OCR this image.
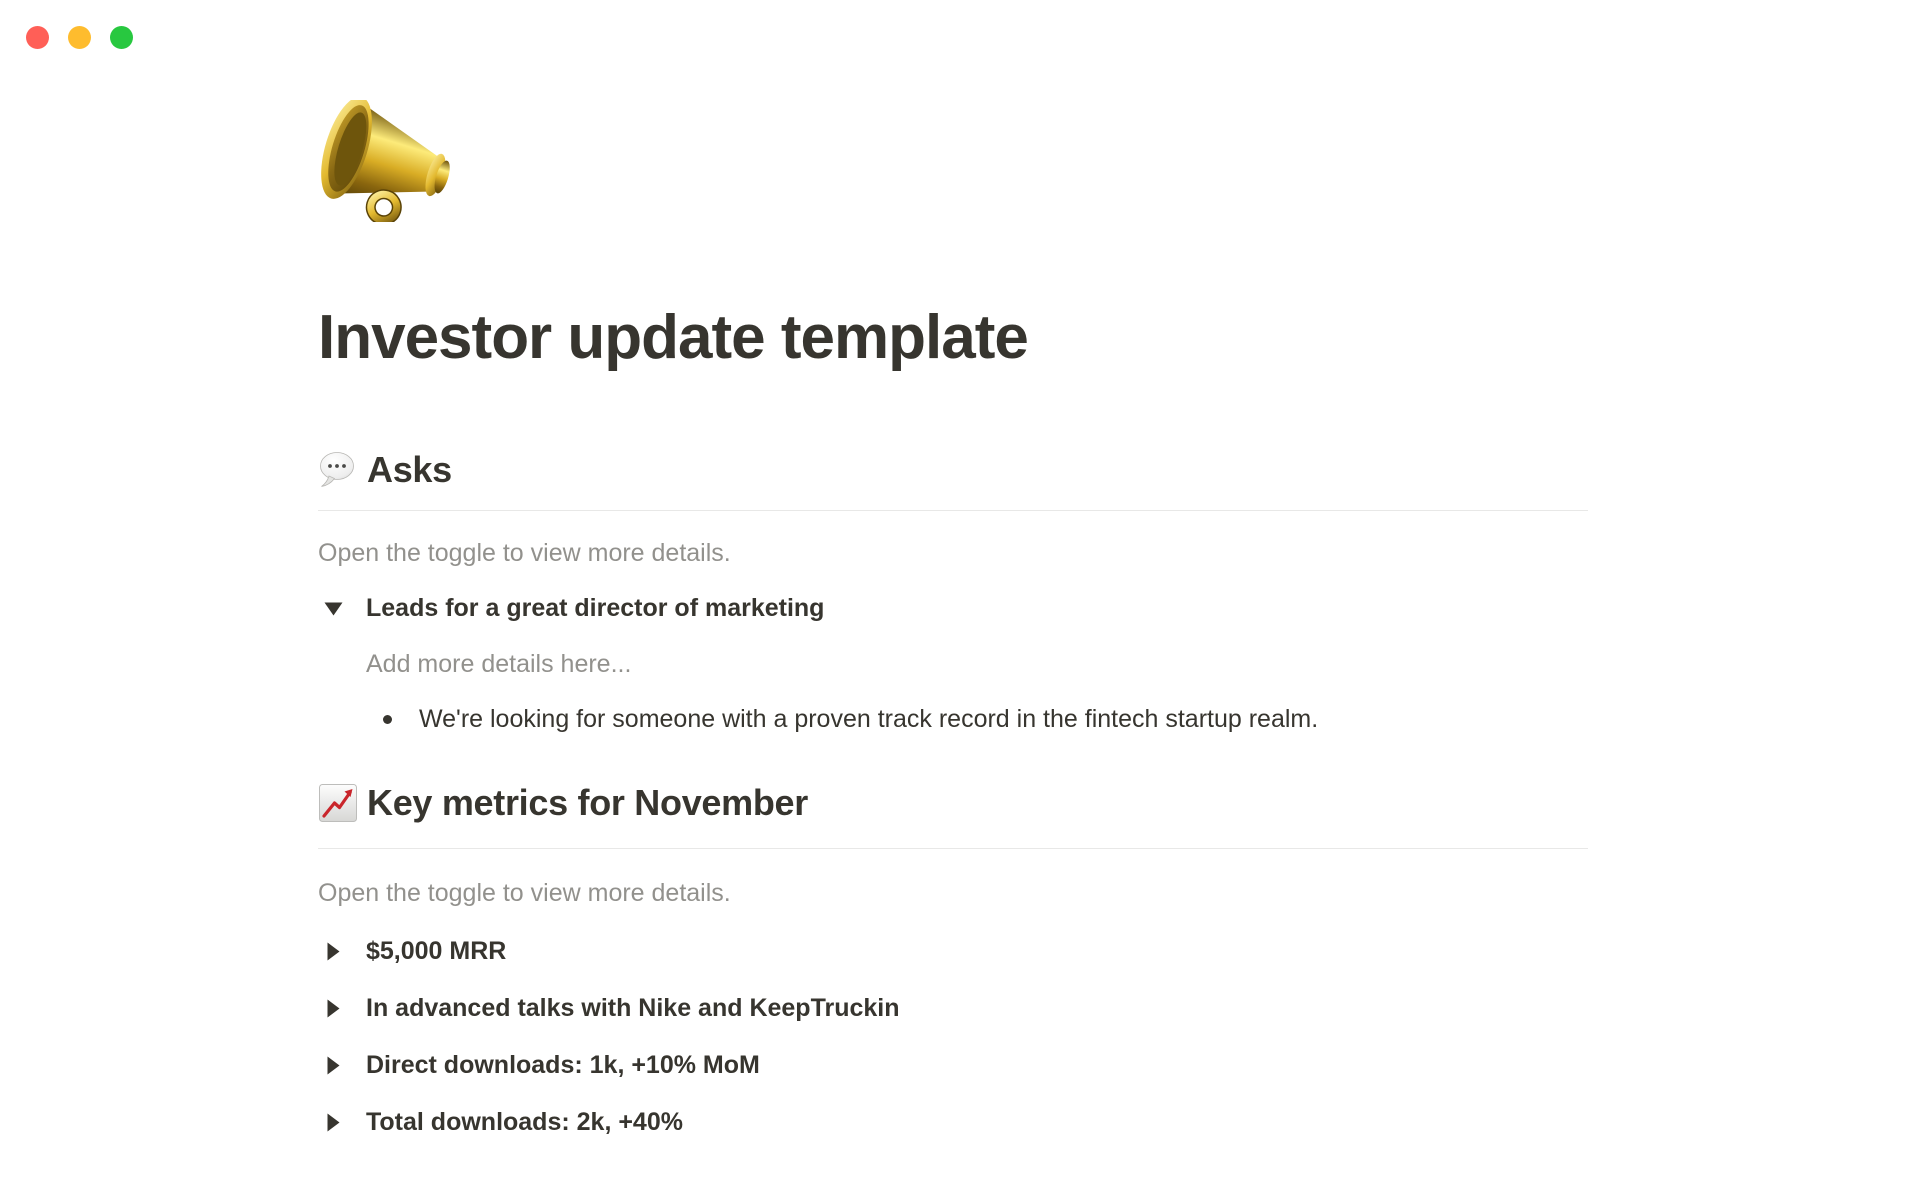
Investor update template
Asks
Open the toggle to view more details.
Leads for a great director of marketing
Add more details here...
We're looking for someone with a proven track record in the fintech startup realm.
Key metrics for November
Open the toggle to view more details.
$5,000 MRR
In advanced talks with Nike and KeepTruckin
Direct downloads: 1k, +10% MoM
Total downloads: 2k, +40%
